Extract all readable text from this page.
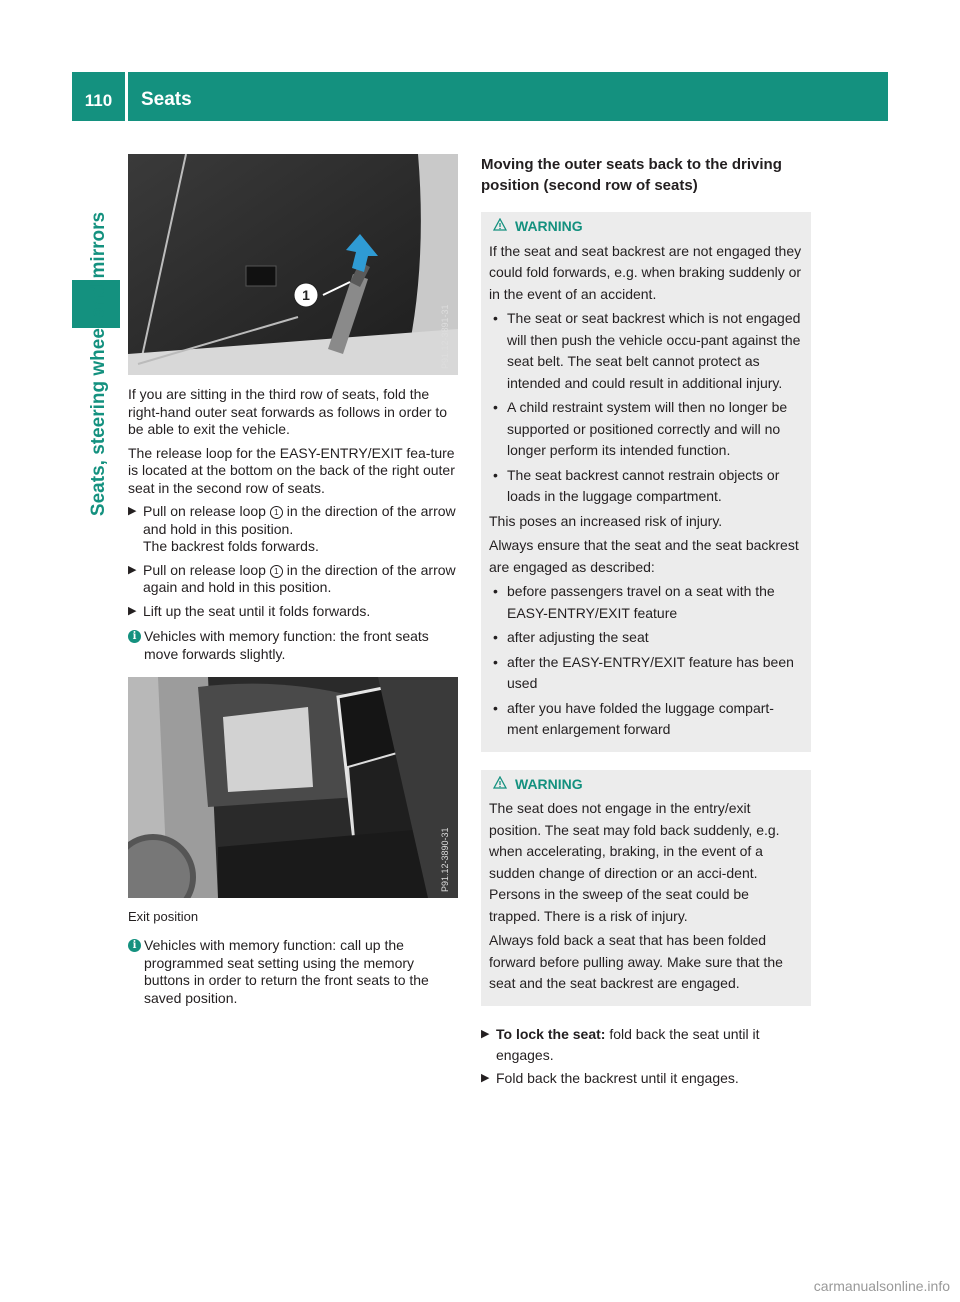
110	Seats
Seats, steering wheel and mirrors	1
P91.12-3891-31

If you are sitting in the third row of seats, fold the right-hand outer seat forwards as follows in order to be able to exit the vehicle.

The release loop for the EASY-ENTRY/EXIT fea-ture is located at the bottom on the back of the right outer seat in the second row of seats.

▶ Pull on release loop 1 in the direction of the arrow and hold in this position.
The backrest folds forwards.
▶ Pull on release loop 1 in the direction of the arrow again and hold in this position.
▶ Lift up the seat until it folds forwards.
i Vehicles with memory function: the front seats move forwards slightly.
P91.12-3890-31
Exit position
i Vehicles with memory function: call up the programmed seat setting using the memory buttons in order to return the front seats to the saved position.
Moving the outer seats back to the driving position (second row of seats)
WARNING

If the seat and seat backrest are not engaged they could fold forwards, e.g. when braking suddenly or in the event of an accident.

• The seat or seat backrest which is not engaged will then push the vehicle occu-pant against the seat belt. The seat belt cannot protect as intended and could result in additional injury.
• A child restraint system will then no longer be supported or positioned correctly and will no longer perform its intended function.
• The seat backrest cannot restrain objects or loads in the luggage compartment.

This poses an increased risk of injury.

Always ensure that the seat and the seat backrest are engaged as described:

• before passengers travel on a seat with the EASY-ENTRY/EXIT feature
• after adjusting the seat
• after the EASY-ENTRY/EXIT feature has been used
• after you have folded the luggage compart-ment enlargement forward
WARNING

The seat does not engage in the entry/exit position. The seat may fold back suddenly, e.g. when accelerating, braking, in the event of a sudden change of direction or an acci-dent. Persons in the sweep of the seat could be trapped. There is a risk of injury.

Always fold back a seat that has been folded forward before pulling away. Make sure that the seat and the seat backrest are engaged.

▶ To lock the seat: fold back the seat until it engages.
▶ Fold back the backrest until it engages.
carmanualsonline.info
